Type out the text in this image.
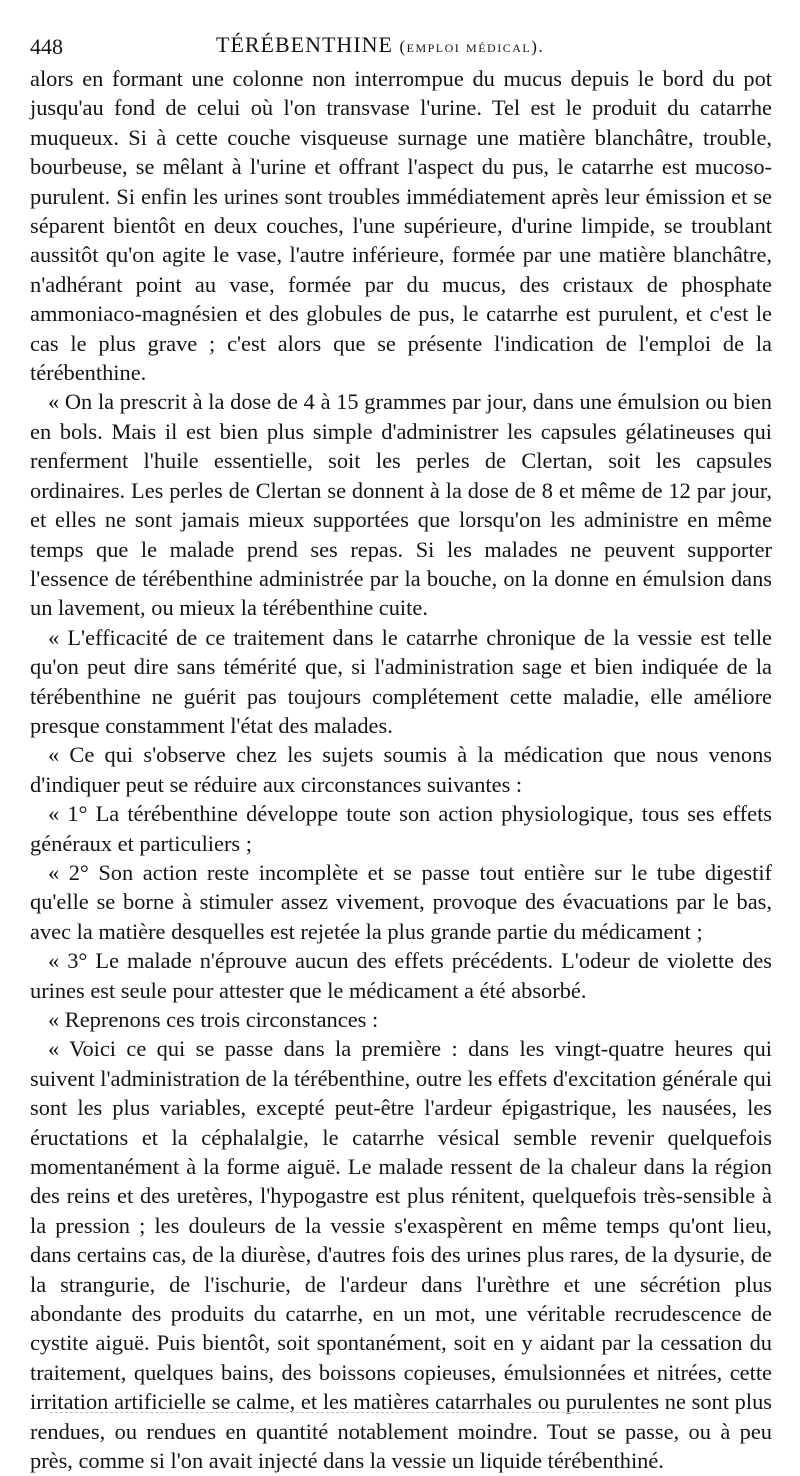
448	TÉRÉBENTHINE (emploi médical).

alors en formant une colonne non interrompue du mucus depuis le bord du pot jusqu'au fond de celui où l'on transvase l'urine. Tel est le produit du catarrhe muqueux. Si à cette couche visqueuse surnage une matière blanchâtre, trouble, bourbeuse, se mêlant à l'urine et offrant l'aspect du pus, le catarrhe est mucoso-purulent. Si enfin les urines sont troubles immédiatement après leur émission et se séparent bientôt en deux couches, l'une supérieure, d'urine limpide, se troublant aussitôt qu'on agite le vase, l'autre inférieure, formée par une matière blanchâtre, n'adhérant point au vase, formée par du mucus, des cristaux de phosphate ammoniaco-magnésien et des globules de pus, le catarrhe est purulent, et c'est le cas le plus grave ; c'est alors que se présente l'indication de l'emploi de la térébenthine.

« On la prescrit à la dose de 4 à 15 grammes par jour, dans une émulsion ou bien en bols. Mais il est bien plus simple d'administrer les capsules gélatineuses qui renferment l'huile essentielle, soit les perles de Clertan, soit les capsules ordinaires. Les perles de Clertan se donnent à la dose de 8 et même de 12 par jour, et elles ne sont jamais mieux supportées que lorsqu'on les administre en même temps que le malade prend ses repas. Si les malades ne peuvent supporter l'essence de térébenthine administrée par la bouche, on la donne en émulsion dans un lavement, ou mieux la térébenthine cuite.

« L'efficacité de ce traitement dans le catarrhe chronique de la vessie est telle qu'on peut dire sans témérité que, si l'administration sage et bien indiquée de la térébenthine ne guérit pas toujours complétement cette maladie, elle améliore presque constamment l'état des malades.

« Ce qui s'observe chez les sujets soumis à la médication que nous venons d'indiquer peut se réduire aux circonstances suivantes :

« 1° La térébenthine développe toute son action physiologique, tous ses effets généraux et particuliers ;

« 2° Son action reste incomplète et se passe tout entière sur le tube digestif qu'elle se borne à stimuler assez vivement, provoque des évacuations par le bas, avec la matière desquelles est rejetée la plus grande partie du médicament ;

« 3° Le malade n'éprouve aucun des effets précédents. L'odeur de violette des urines est seule pour attester que le médicament a été absorbé.

« Reprenons ces trois circonstances :

« Voici ce qui se passe dans la première : dans les vingt-quatre heures qui suivent l'administration de la térébenthine, outre les effets d'excitation générale qui sont les plus variables, excepté peut-être l'ardeur épigastrique, les nausées, les éructations et la céphalalgie, le catarrhe vésical semble revenir quelquefois momentanément à la forme aiguë. Le malade ressent de la chaleur dans la région des reins et des uretères, l'hypogastre est plus rénitent, quelquefois très-sensible à la pression ; les douleurs de la vessie s'exaspèrent en même temps qu'ont lieu, dans certains cas, de la diurèse, d'autres fois des urines plus rares, de la dysurie, de la strangurie, de l'ischurie, de l'ardeur dans l'urèthre et une sécrétion plus abondante des produits du catarrhe, en un mot, une véritable recrudescence de cystite aiguë. Puis bientôt, soit spontanément, soit en y aidant par la cessation du traitement, quelques bains, des boissons copieuses, émulsionnées et nitrées, cette irritation artificielle se calme, et les matières catarrhales ou purulentes ne sont plus rendues, ou rendues en quantité notablement moindre. Tout se passe, ou à peu près, comme si l'on avait injecté dans la vessie un liquide térébenthiné.
